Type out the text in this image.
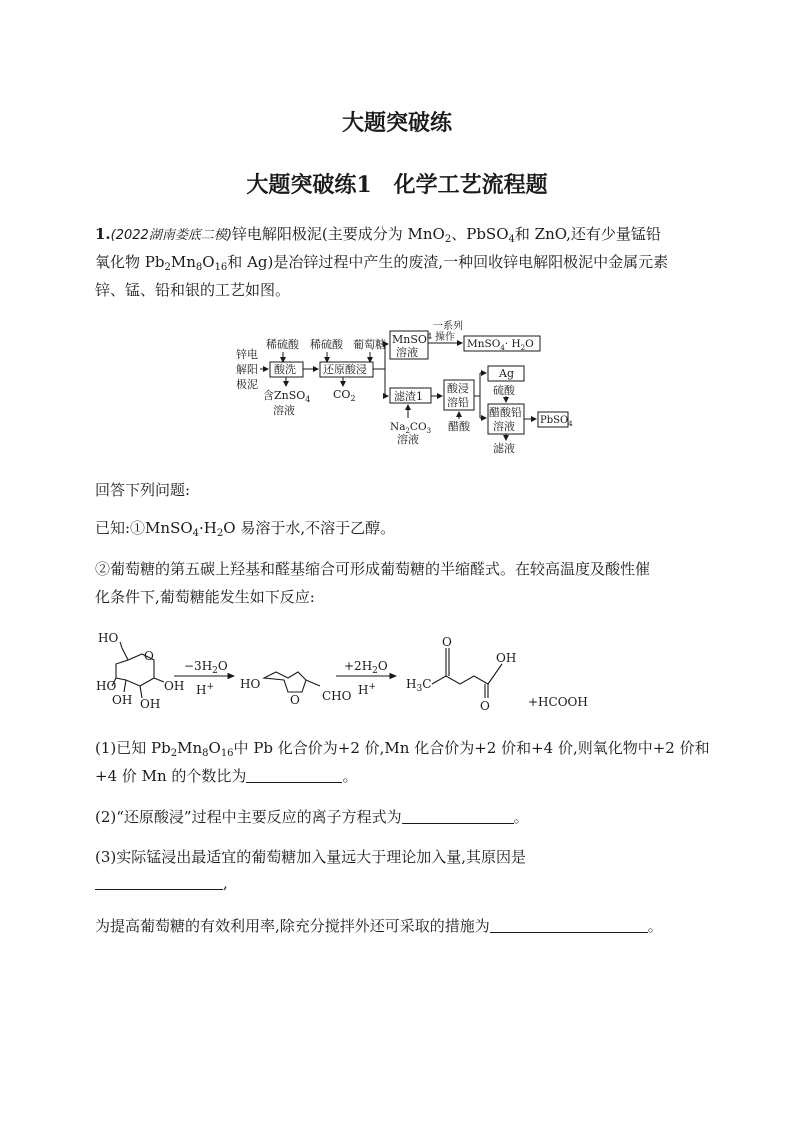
大题突破练
大题突破练1　化学工艺流程题
1.(2022湖南娄底二模)锌电解阳极泥(主要成分为 MnO$_2$、PbSO$_4$和 ZnO,还有少量锰铅
氧化物 $Pb_2Mn_8O_{16}$和 Ag)是冶锌过程中产生的废渣,一种回收锌电解阳极泥中金属元素
锌、锰、铅和银的工艺如图。
锌电
解阳
极泥
稀硫酸 稀硫酸 葡萄糖
酸洗 还原酸浸
含ZnSO$_4$
溶液
$CO_2$
MnSO$^4$
溶液
一系列
操作
MnSO$_4$· $H_2O$
滤渣1
$Na_2CO_3$
溶液
酸浸
溶铅
醋酸
Ag
硫酸
醋酸铅
溶液	PbSO$_4$
滤液
回答下列问题:
已知$:①MnSO_4\cdot H_2O$ 易溶于水,不溶于乙醇。
②葡萄糖的第五碳上羟基和醛基缩合可形成葡萄糖的半缩醛式。在较高温度及酸性催
化条件下,葡萄糖能发生如下反应:
HO
O
HO
OH OH
OH
$-3H_2O$
H+ HO
O CHO
$+2H_2O$
H+ $H_3C$
O
O
OH
+HCOOH
(1)已知 $Pb_2Mn_8O_{16}$中 Pb 化合价为+2 价,Mn 化合价为+2 价和+4 价,则氧化物中+2 价和
+4 价 Mn 的个数比为	。
(2)“还原酸浸”过程中主要反应的离子方程式为	。
(3)实际锰浸出最适宜的葡萄糖加入量远大于理论加入量,其原因是
,
为提高葡萄糖的有效利用率,除充分搅拌外还可采取的措施为	。
